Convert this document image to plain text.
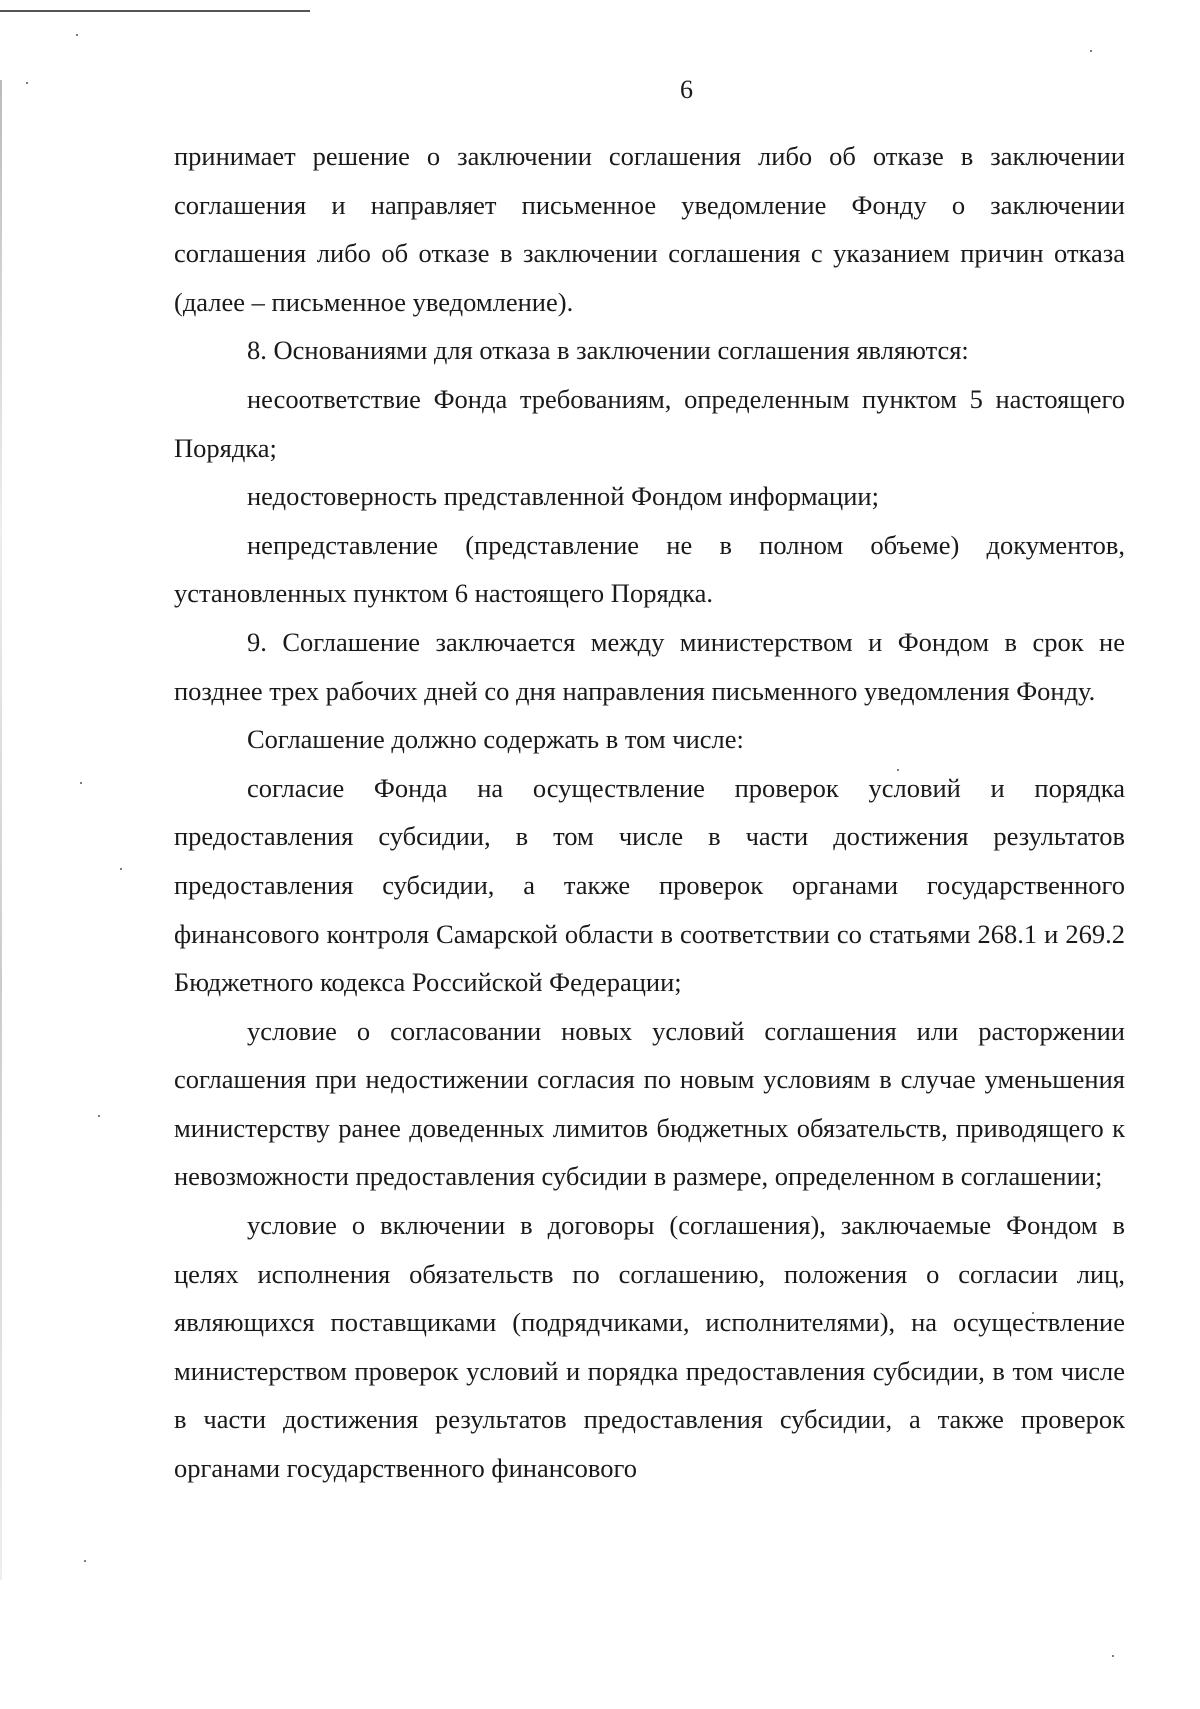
6

принимает решение о заключении соглашения либо об отказе в заключении соглашения и направляет письменное уведомление Фонду о заключении соглашения либо об отказе в заключении соглашения с указанием причин отказа (далее – письменное уведомление).

8. Основаниями для отказа в заключении соглашения являются:

несоответствие Фонда требованиям, определенным пунктом 5 настоящего Порядка;

недостоверность представленной Фондом информации;

непредставление (представление не в полном объеме) документов, установленных пунктом 6 настоящего Порядка.

9. Соглашение заключается между министерством и Фондом в срок не позднее трех рабочих дней со дня направления письменного уведомления Фонду.

Соглашение должно содержать в том числе:

согласие Фонда на осуществление проверок условий и порядка предоставления субсидии, в том числе в части достижения результатов предоставления субсидии, а также проверок органами государственного финансового контроля Самарской области в соответствии со статьями 268.1 и 269.2 Бюджетного кодекса Российской Федерации;

условие о согласовании новых условий соглашения или расторжении соглашения при недостижении согласия по новым условиям в случае уменьшения министерству ранее доведенных лимитов бюджетных обязательств, приводящего к невозможности предоставления субсидии в размере, определенном в соглашении;

условие о включении в договоры (соглашения), заключаемые Фондом в целях исполнения обязательств по соглашению, положения о согласии лиц, являющихся поставщиками (подрядчиками, исполнителями), на осуществление министерством проверок условий и порядка предоставления субсидии, в том числе в части достижения результатов предоставления субсидии, а также проверок органами государственного финансового
